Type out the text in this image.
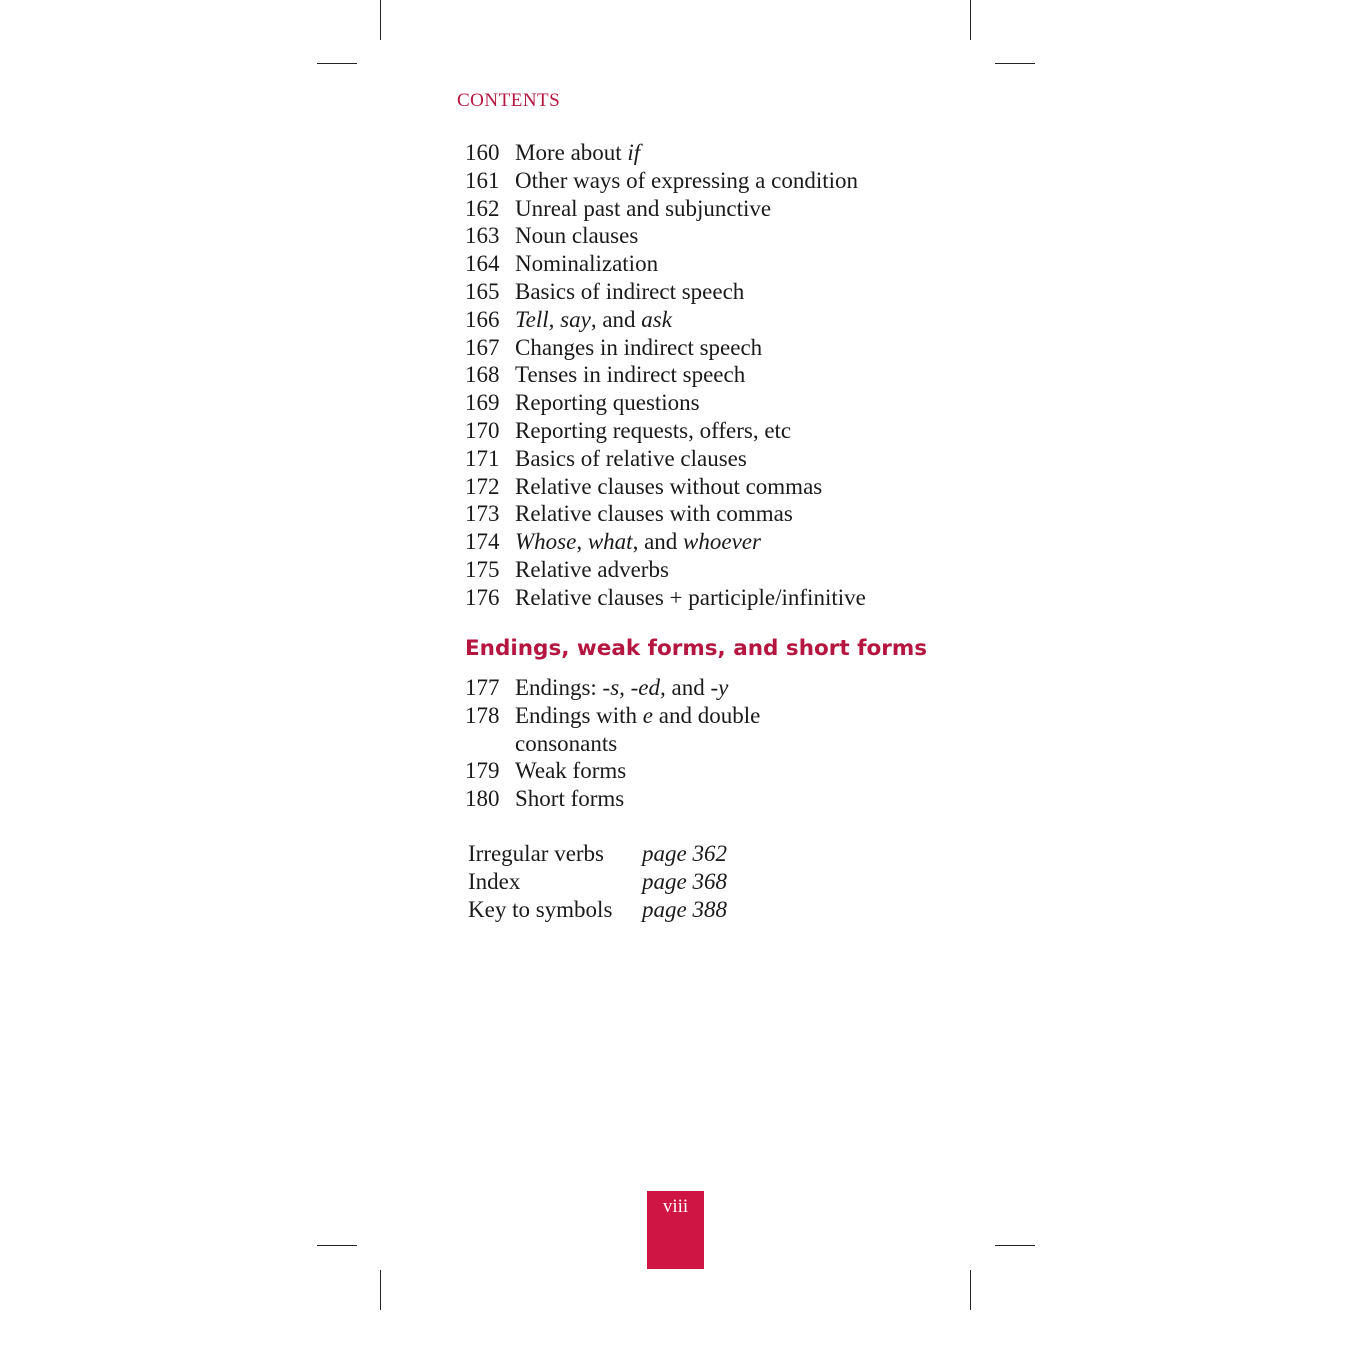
CONTENTS
160 More about if
161 Other ways of expressing a condition
162 Unreal past and subjunctive
163 Noun clauses
164 Nominalization
165 Basics of indirect speech
166 Tell, say, and ask
167 Changes in indirect speech
168 Tenses in indirect speech
169 Reporting questions
170 Reporting requests, offers, etc
171 Basics of relative clauses
172 Relative clauses without commas
173 Relative clauses with commas
174 Whose, what, and whoever
175 Relative adverbs
176 Relative clauses + participle/infinitive
Endings, weak forms, and short forms
177 Endings: -s, -ed, and -y
178 Endings with e and double consonants
179 Weak forms
180 Short forms
Irregular verbs	page 362
Index	page 368
Key to symbols	page 388
viii
